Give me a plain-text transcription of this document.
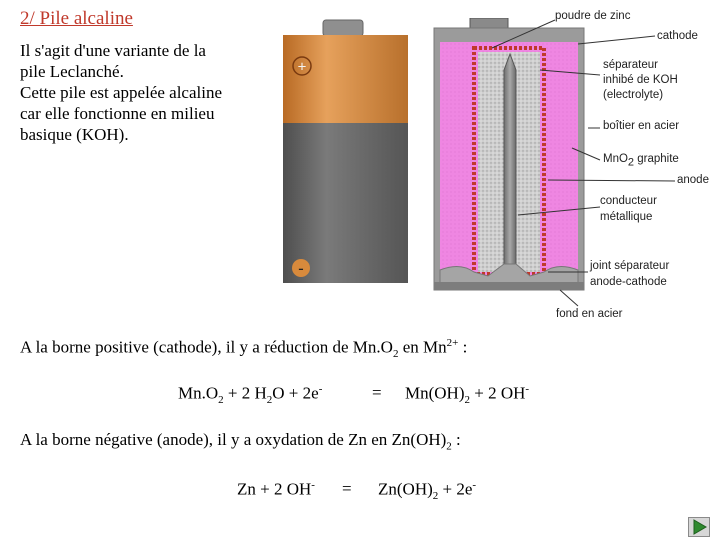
2/ Pile alcaline
Il s'agit d'une variante de la
pile Leclanché.
Cette pile est appelée alcaline
car elle fonctionne en milieu
basique (KOH).
+
-
poudre de zinc
cathode
séparateur
inhibé de KOH
(electrolyte)
boîtier en acier
MnO$_2$ graphite
anode
conducteur
métallique
joint séparateur
anode-cathode
fond en acier
A la borne positive (cathode), il y a réduction de $Mn.O_2$ en $Mn^{2+}$ :
$Mn.O_2 + 2$ $H_2O + 2e^-$	= $Mn(OH)_2 + 2$ OH-
A la borne négative (anode), il y a oxydation de Zn en $Zn(OH)_2$ :
Zn + 2 $OH^- = Zn(OH)_2 + 2e^-$
